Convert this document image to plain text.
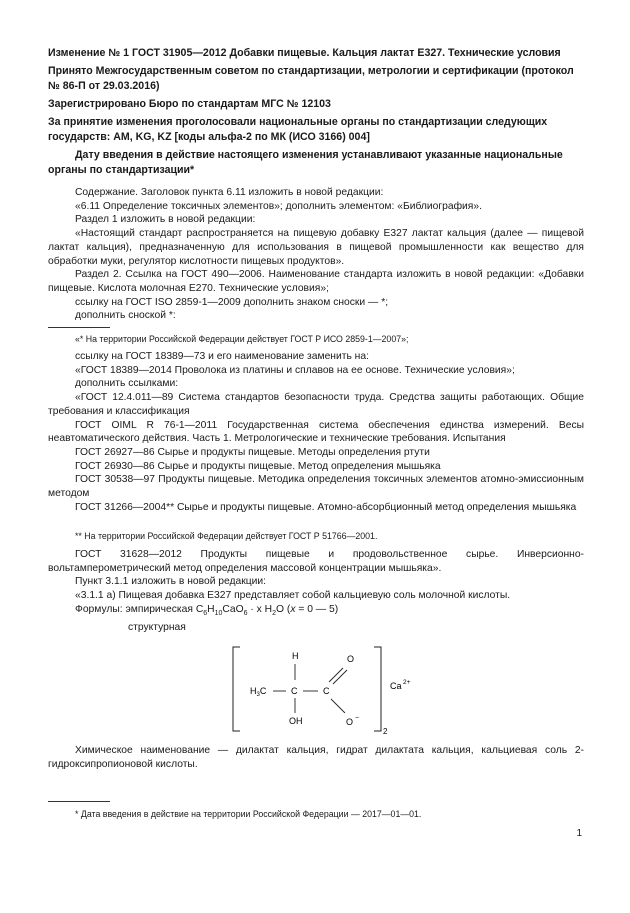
Изменение № 1 ГОСТ 31905—2012 Добавки пищевые. Кальция лактат Е327. Технические условия

Принято Межгосударственным советом по стандартизации, метрологии и сертификации (протокол № 86-П от 29.03.2016)

Зарегистрировано Бюро по стандартам МГС № 12103

За принятие изменения проголосовали национальные органы по стандартизации следующих государств: AM, KG, KZ [коды альфа-2 по МК (ИСО 3166) 004]

Дату введения в действие настоящего изменения устанавливают указанные национальные органы по стандартизации*

Содержание. Заголовок пункта 6.11 изложить в новой редакции:

«6.11 Определение токсичных элементов»; дополнить элементом: «Библиография».

Раздел 1 изложить в новой редакции:

«Настоящий стандарт распространяется на пищевую добавку Е327 лактат кальция (далее — пищевой лактат кальция), предназначенную для использования в пищевой промышленности как вещество для обработки муки, регулятор кислотности пищевых продуктов».

Раздел 2. Ссылка на ГОСТ 490—2006. Наименование стандарта изложить в новой редакции: «Добавки пищевые. Кислота молочная Е270. Технические условия»;

ссылку на ГОСТ ISO 2859-1—2009 дополнить знаком сноски — *;

дополнить сноской *:

«* На территории Российской Федерации действует ГОСТ Р ИСО 2859-1—2007»;

ссылку на ГОСТ 18389—73 и его наименование заменить на:

«ГОСТ 18389—2014 Проволока из платины и сплавов на ее основе. Технические условия»;

дополнить ссылками:

«ГОСТ 12.4.011—89 Система стандартов безопасности труда. Средства защиты работающих. Общие требования и классификация

ГОСТ OIML R 76-1—2011 Государственная система обеспечения единства измерений. Весы неавтоматического действия. Часть 1. Метрологические и технические требования. Испытания

ГОСТ 26927—86 Сырье и продукты пищевые. Методы определения ртути

ГОСТ 26930—86 Сырье и продукты пищевые. Метод определения мышьяка

ГОСТ 30538—97 Продукты пищевые. Методика определения токсичных элементов атомно-эмиссионным методом

ГОСТ 31266—2004** Сырье и продукты пищевые. Атомно-абсорбционный метод определения мышьяка

** На территории Российской Федерации действует ГОСТ Р 51766—2001.

ГОСТ 31628—2012 Продукты пищевые и продовольственное сырье. Инверсионно-вольтамперометрический метод определения массовой концентрации мышьяка».

Пункт 3.1.1 изложить в новой редакции:

«3.1.1 а) Пищевая добавка Е327 представляет собой кальциевую соль молочной кислоты.

Формулы: эмпирическая $C_6H_{10}CaO_6 \cdot x$ $H_2O$ (x = 0 — 5)

структурная

H	O
$H_3C$	C	C
OH	O −
Ca 2+
2

Химическое наименование — дилактат кальция, гидрат дилактата кальция, кальциевая соль 2-гидроксипропионовой кислоты.

* Дата введения в действие на территории Российской Федерации — 2017—01—01.

1
